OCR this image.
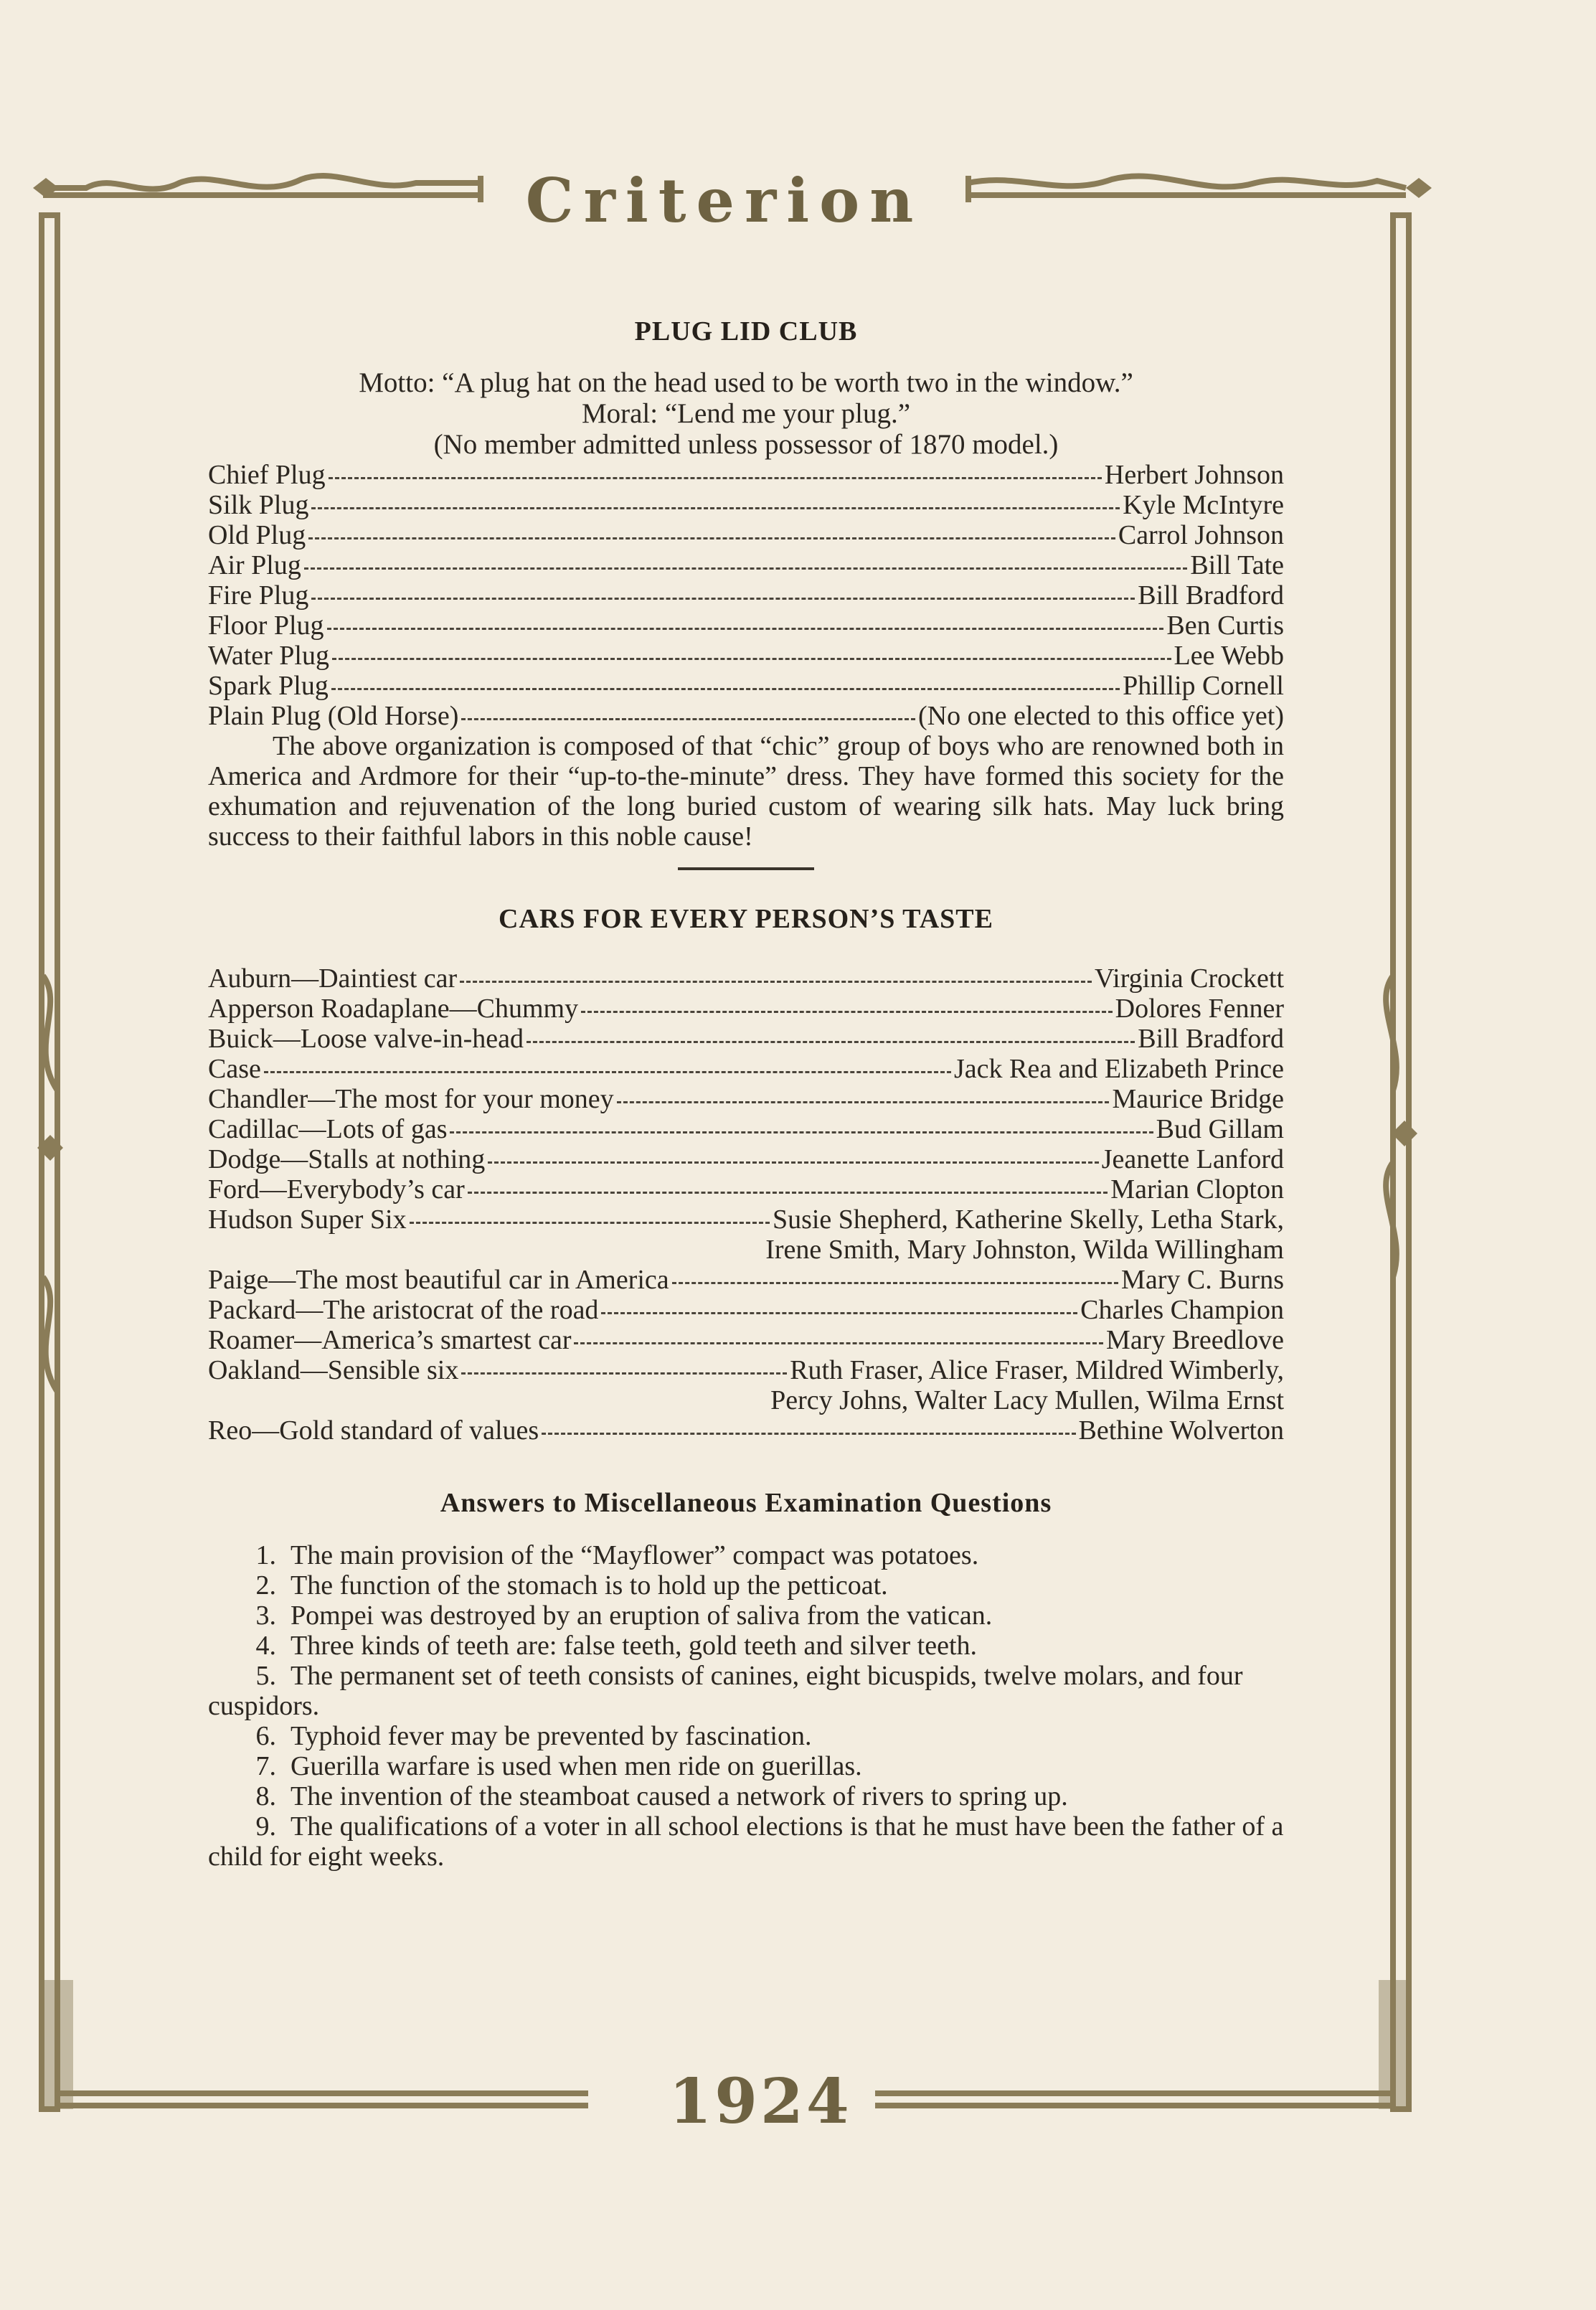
Criterion
1924
PLUG LID CLUB
Motto: “A plug hat on the head used to be worth two in the window.”
Moral: “Lend me your plug.”
(No member admitted unless possessor of 1870 model.)
Chief Plug	Herbert Johnson
Silk Plug	Kyle McIntyre
Old Plug	Carrol Johnson
Air Plug	Bill Tate
Fire Plug	Bill Bradford
Floor Plug	Ben Curtis
Water Plug	Lee Webb
Spark Plug	Phillip Cornell
Plain Plug (Old Horse)	(No one elected to this office yet)
The above organization is composed of that “chic” group of boys who are renowned both in America and Ardmore for their “up-to-the-minute” dress. They have formed this society for the exhumation and rejuvenation of the long buried custom of wearing silk hats. May luck bring success to their faithful labors in this noble cause!
CARS FOR EVERY PERSON’S TASTE
Auburn—Daintiest car	Virginia Crockett
Apperson Roadaplane—Chummy	Dolores Fenner
Buick—Loose valve-in-head	Bill Bradford
Case	Jack Rea and Elizabeth Prince
Chandler—The most for your money	Maurice Bridge
Cadillac—Lots of gas	Bud Gillam
Dodge—Stalls at nothing	Jeanette Lanford
Ford—Everybody’s car	Marian Clopton
Hudson Super Six	Susie Shepherd, Katherine Skelly, Letha Stark,
Irene Smith, Mary Johnston, Wilda Willingham
Paige—The most beautiful car in America	Mary C. Burns
Packard—The aristocrat of the road	Charles Champion
Roamer—America’s smartest car	Mary Breedlove
Oakland—Sensible six	Ruth Fraser, Alice Fraser, Mildred Wimberly,
Percy Johns, Walter Lacy Mullen, Wilma Ernst
Reo—Gold standard of values	Bethine Wolverton
Answers to Miscellaneous Examination Questions
1. The main provision of the “Mayflower” compact was potatoes.
2. The function of the stomach is to hold up the petticoat.
3. Pompei was destroyed by an eruption of saliva from the vatican.
4. Three kinds of teeth are: false teeth, gold teeth and silver teeth.
5. The permanent set of teeth consists of canines, eight bicuspids, twelve molars, and four cuspidors.
6. Typhoid fever may be prevented by fascination.
7. Guerilla warfare is used when men ride on guerillas.
8. The invention of the steamboat caused a network of rivers to spring up.
9. The qualifications of a voter in all school elections is that he must have been the father of a child for eight weeks.
